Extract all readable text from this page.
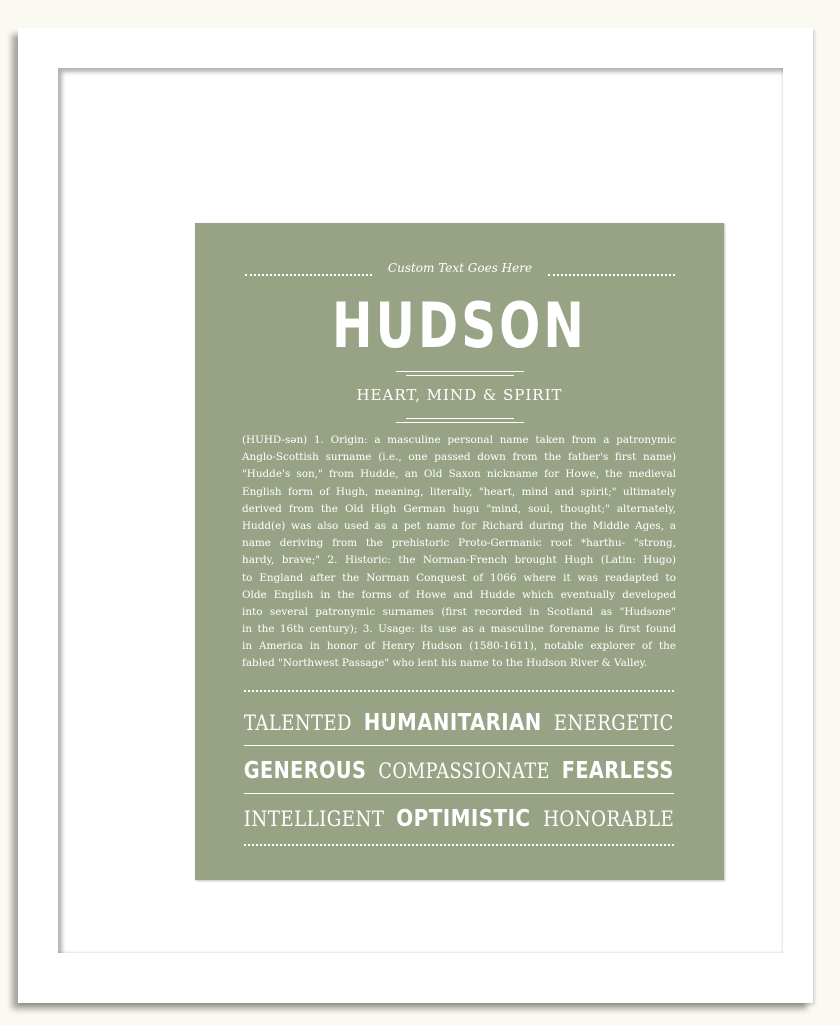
Custom Text Goes Here
HUDSON
HEART, MIND & SPIRIT
(HUHD-sən) 1. Origin: a masculine personal name taken from a patronymic
Anglo-Scottish surname (i.e., one passed down from the father's first name)
"Hudde's son," from Hudde, an Old Saxon nickname for Howe, the medieval
English form of Hugh, meaning, literally, "heart, mind and spirit;" ultimately
derived from the Old High German hugu "mind, soul, thought;" alternately,
Hudd(e) was also used as a pet name for Richard during the Middle Ages, a
name deriving from the prehistoric Proto-Germanic root *harthu- "strong,
hardy, brave;" 2. Historic: the Norman-French brought Hugh (Latin: Hugo)
to England after the Norman Conquest of 1066 where it was readapted to
Olde English in the forms of Howe and Hudde which eventually developed
into several patronymic surnames (first recorded in Scotland as "Hudsone"
in the 16th century); 3. Usage: its use as a masculine forename is first found
in America in honor of Henry Hudson (1580-1611), notable explorer of the
fabled "Northwest Passage" who lent his name to the Hudson River & Valley.
TALENTED HUMANITARIAN ENERGETIC
GENEROUS COMPASSIONATE FEARLESS
INTELLIGENT OPTIMISTIC HONORABLE
